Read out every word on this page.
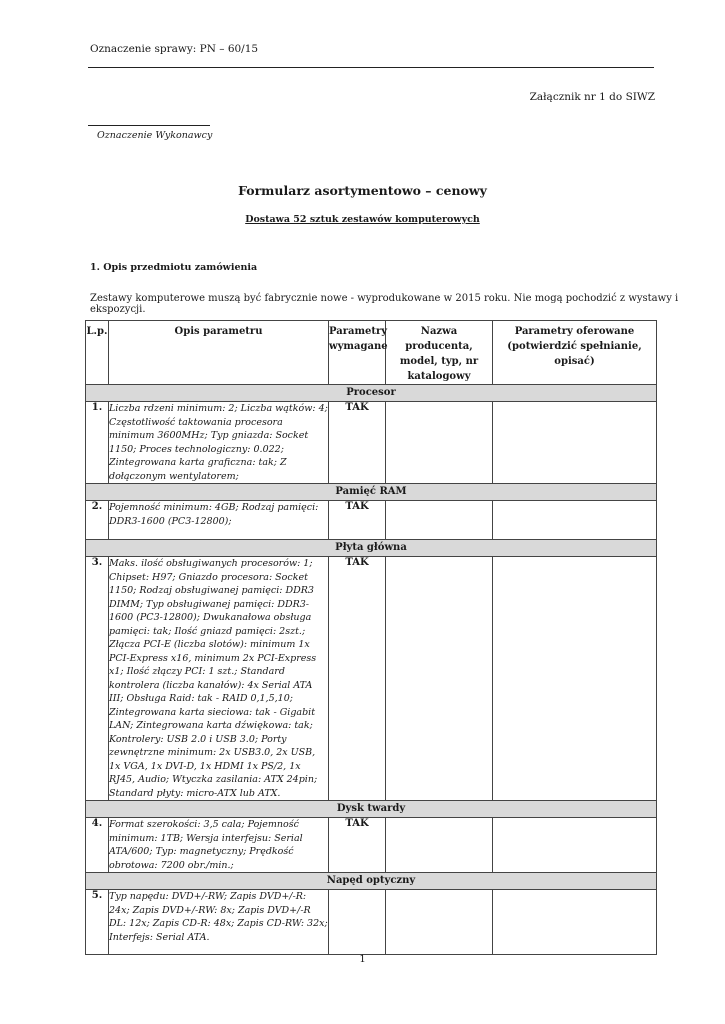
Oznaczenie sprawy: PN – 60/15
Załącznik nr 1 do SIWZ
Oznaczenie Wykonawcy
Formularz asortymentowo – cenowy
Dostawa 52 sztuk zestawów komputerowych
1. Opis przedmiotu zamówienia
Zestawy komputerowe muszą być fabrycznie nowe - wyprodukowane w 2015 roku. Nie mogą pochodzić z wystawy i ekspozycji.
L.p.	Opis parametru	Parametry wymagane	Nazwa producenta, model, typ, nr katalogowy	Parametry oferowane (potwierdzić spełnianie, opisać)
Procesor				
1.	Liczba rdzeni minimum: 2; Liczba wątków: 4; Częstotliwość taktowania procesora minimum 3600MHz; Typ gniazda: Socket 1150; Proces technologiczny: 0.022; Zintegrowana karta graficzna: tak; Z dołączonym wentylatorem;	TAK		
Pamięć RAM				
2.	Pojemność minimum: 4GB; Rodzaj pamięci: DDR3-1600 (PC3-12800);	TAK		
Płyta główna				
3.	Maks. ilość obsługiwanych procesorów: 1; Chipset: H97; Gniazdo procesora: Socket 1150; Rodzaj obsługiwanej pamięci: DDR3 DIMM; Typ obsługiwanej pamięci: DDR3-1600 (PC3-12800); Dwukanałowa obsługa pamięci: tak; Ilość gniazd pamięci: 2szt.; Złącza PCI-E (liczba slotów): minimum 1x PCI-Express x16, minimum 2x PCI-Express x1; Ilość złączy PCI: 1 szt.; Standard kontrolera (liczba kanałów): 4x Serial ATA III; Obsługa Raid: tak - RAID 0,1,5,10; Zintegrowana karta sieciowa: tak - Gigabit LAN; Zintegrowana karta dźwiękowa: tak; Kontrolery: USB 2.0 i USB 3.0; Porty zewnętrzne minimum: 2x USB3.0, 2x USB, 1x VGA, 1x DVI-D, 1x HDMI 1x PS/2, 1x RJ45, Audio; Wtyczka zasilania: ATX 24pin; Standard płyty: micro-ATX lub ATX.	TAK		
Dysk twardy				
4.	Format szerokości: 3,5 cala; Pojemność minimum: 1TB; Wersja interfejsu: Serial ATA/600; Typ: magnetyczny; Prędkość obrotowa: 7200 obr./min.;	TAK		
Napęd optyczny				
5.	Typ napędu: DVD+/-RW; Zapis DVD+/-R: 24x; Zapis DVD+/-RW: 8x; Zapis DVD+/-R DL: 12x; Zapis CD-R: 48x; Zapis CD-RW: 32x; Interfejs: Serial ATA.			
1
